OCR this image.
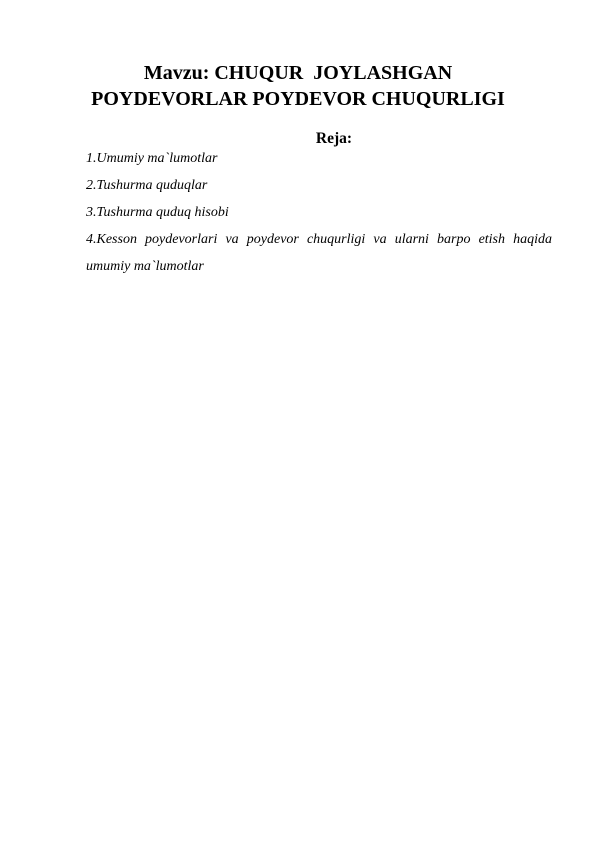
Mavzu: CHUQUR  JOYLASHGAN
POYDEVORLAR POYDEVOR CHUQURLIGI

Reja:

1.Umumiy ma`lumotlar
2.Tushurma quduqlar
3.Tushurma quduq hisobi
4.Kesson poydevorlari va poydevor chuqurligi va ularni barpo etish haqida umumiy ma`lumotlar
